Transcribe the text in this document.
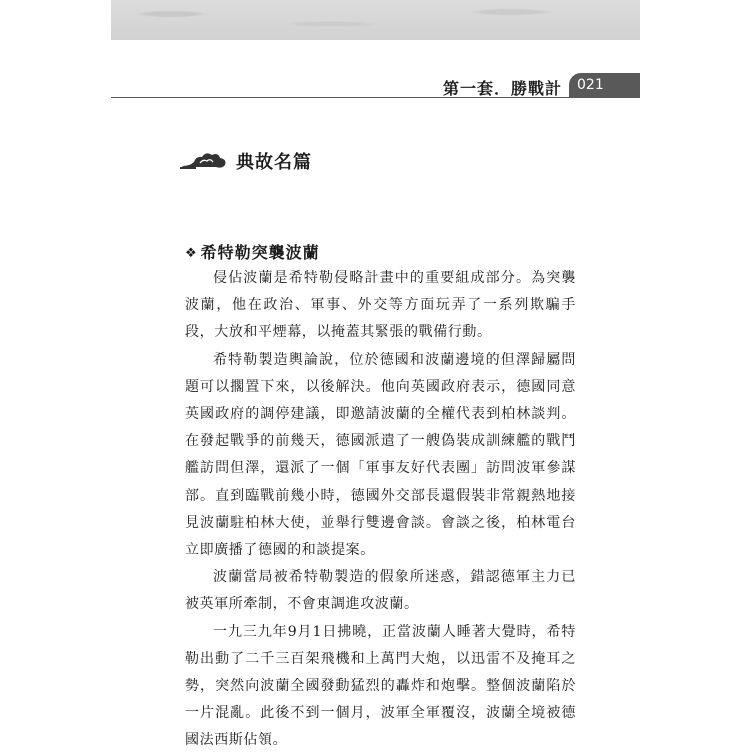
第一套．勝戰計 021
典故名篇
❖ 希特勒突襲波蘭

侵佔波蘭是希特勒侵略計畫中的重要組成部分。為突襲波蘭，他在政治、軍事、外交等方面玩弄了一系列欺騙手段，大放和平煙幕，以掩蓋其緊張的戰備行動。

希特勒製造輿論說，位於德國和波蘭邊境的但澤歸屬問題可以擱置下來，以後解決。他向英國政府表示，德國同意英國政府的調停建議，即邀請波蘭的全權代表到柏林談判。在發起戰爭的前幾天，德國派遣了一艘偽裝成訓練艦的戰鬥艦訪問但澤，還派了一個「軍事友好代表團」訪問波軍參謀部。直到臨戰前幾小時，德國外交部長還假裝非常親熱地接見波蘭駐柏林大使，並舉行雙邊會談。會談之後，柏林電台立即廣播了德國的和談提案。

波蘭當局被希特勒製造的假象所迷惑，錯認德軍主力已被英軍所牽制，不會東調進攻波蘭。

一九三九年9月1日拂曉，正當波蘭人睡著大覺時，希特勒出動了二千三百架飛機和上萬門大炮，以迅雷不及掩耳之勢，突然向波蘭全國發動猛烈的轟炸和炮擊。整個波蘭陷於一片混亂。此後不到一個月，波軍全軍覆沒，波蘭全境被德國法西斯佔領。
